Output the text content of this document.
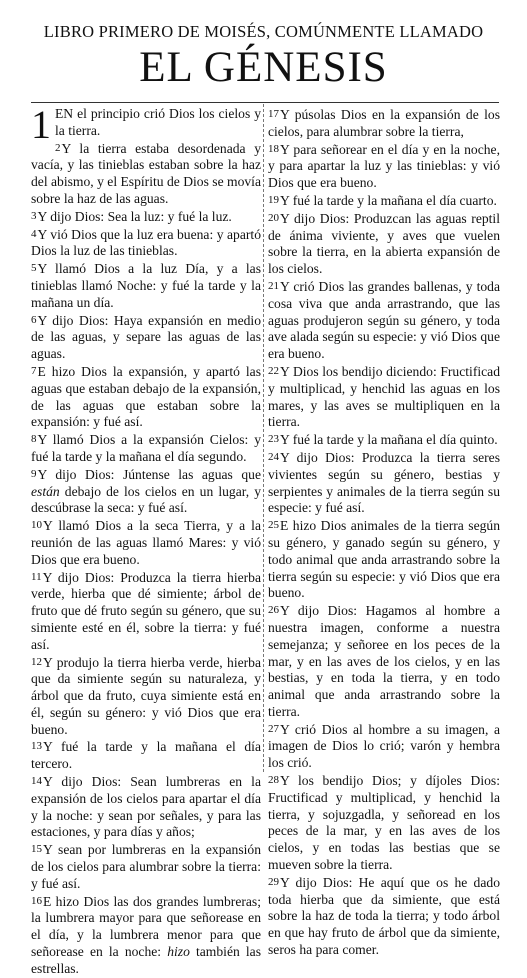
LIBRO PRIMERO DE MOISÉS, COMÚNMENTE LLAMADO
EL GÉNESIS

1 EN el principio crió Dios los cielos y la tierra.

2Y la tierra estaba desordenada y vacía, y las tinieblas estaban sobre la haz del abismo, y el Espíritu de Dios se movía sobre la haz de las aguas.

3Y dijo Dios: Sea la luz: y fué la luz.

4Y vió Dios que la luz era buena: y apartó Dios la luz de las tinieblas.

5Y llamó Dios a la luz Día, y a las tinieblas llamó Noche: y fué la tarde y la mañana un día.

6Y dijo Dios: Haya expansión en medio de las aguas, y separe las aguas de las aguas.

7E hizo Dios la expansión, y apartó las aguas que estaban debajo de la expansión, de las aguas que estaban sobre la expansión: y fué así.

8Y llamó Dios a la expansión Cielos: y fué la tarde y la mañana el día segundo.

9Y dijo Dios: Júntense las aguas que están debajo de los cielos en un lugar, y descúbrase la seca: y fué así.

10Y llamó Dios a la seca Tierra, y a la reunión de las aguas llamó Mares: y vió Dios que era bueno.

11Y dijo Dios: Produzca la tierra hierba verde, hierba que dé simiente; árbol de fruto que dé fruto según su género, que su simiente esté en él, sobre la tierra: y fué así.

12Y produjo la tierra hierba verde, hierba que da simiente según su naturaleza, y árbol que da fruto, cuya simiente está en él, según su género: y vió Dios que era bueno.

13Y fué la tarde y la mañana el día tercero.

14Y dijo Dios: Sean lumbreras en la expansión de los cielos para apartar el día y la noche: y sean por señales, y para las estaciones, y para días y años;

15Y sean por lumbreras en la expansión de los cielos para alumbrar sobre la tierra: y fué así.

16E hizo Dios las dos grandes lumbreras; la lumbrera mayor para que señorease en el día, y la lumbrera menor para que señorease en la noche: hizo también las estrellas.

17Y púsolas Dios en la expansión de los cielos, para alumbrar sobre la tierra,

18Y para señorear en el día y en la noche, y para apartar la luz y las tinieblas: y vió Dios que era bueno.

19Y fué la tarde y la mañana el día cuarto.

20Y dijo Dios: Produzcan las aguas reptil de ánima viviente, y aves que vuelen sobre la tierra, en la abierta expansión de los cielos.

21Y crió Dios las grandes ballenas, y toda cosa viva que anda arrastrando, que las aguas produjeron según su género, y toda ave alada según su especie: y vió Dios que era bueno.

22Y Dios los bendijo diciendo: Fructificad y multiplicad, y henchid las aguas en los mares, y las aves se multipliquen en la tierra.

23Y fué la tarde y la mañana el día quinto.

24Y dijo Dios: Produzca la tierra seres vivientes según su género, bestias y serpientes y animales de la tierra según su especie: y fué así.

25E hizo Dios animales de la tierra según su género, y ganado según su género, y todo animal que anda arrastrando sobre la tierra según su especie: y vió Dios que era bueno.

26Y dijo Dios: Hagamos al hombre a nuestra imagen, conforme a nuestra semejanza; y señoree en los peces de la mar, y en las aves de los cielos, y en las bestias, y en toda la tierra, y en todo animal que anda arrastrando sobre la tierra.

27Y crió Dios al hombre a su imagen, a imagen de Dios lo crió; varón y hembra los crió.

28Y los bendijo Dios; y díjoles Dios: Fructificad y multiplicad, y henchid la tierra, y sojuzgadla, y señoread en los peces de la mar, y en las aves de los cielos, y en todas las bestias que se mueven sobre la tierra.

29Y dijo Dios: He aquí que os he dado toda hierba que da simiente, que está sobre la haz de toda la tierra; y todo árbol en que hay fruto de árbol que da simiente, seros ha para comer.
